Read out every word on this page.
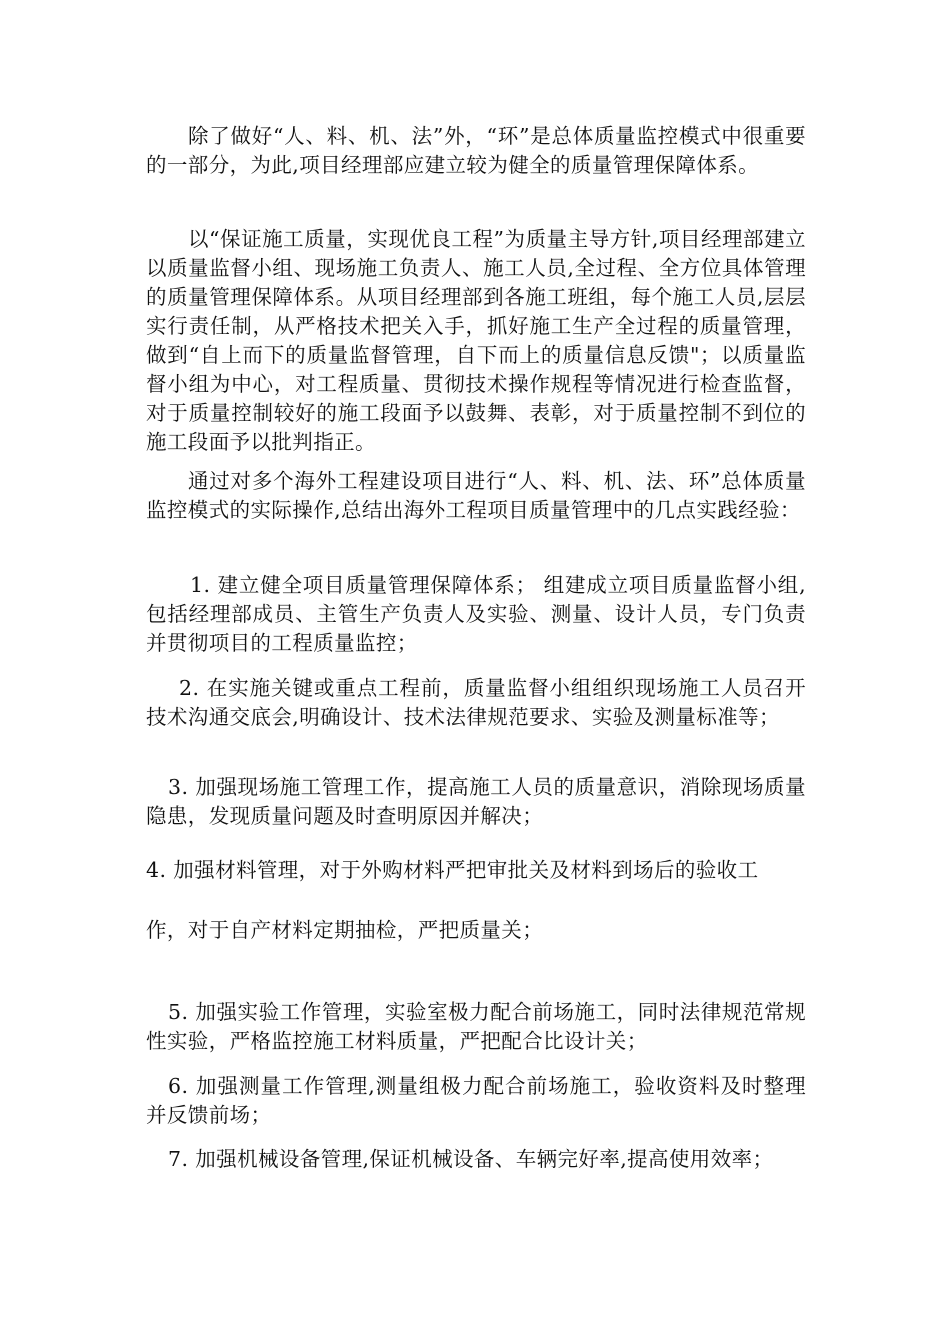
除了做好“人、料、机、法”外，“环”是总体质量监控模式中很重要的一部分，为此,项目经理部应建立较为健全的质量管理保障体系。

以“保证施工质量，实现优良工程”为质量主导方针,项目经理部建立以质量监督小组、现场施工负责人、施工人员,全过程、全方位具体管理的质量管理保障体系。从项目经理部到各施工班组，每个施工人员,层层实行责任制，从严格技术把关入手，抓好施工生产全过程的质量管理，做到“自上而下的质量监督管理，自下而上的质量信息反馈"；以质量监督小组为中心，对工程质量、贯彻技术操作规程等情况进行检查监督，对于质量控制较好的施工段面予以鼓舞、表彰，对于质量控制不到位的施工段面予以批判指正。

通过对多个海外工程建设项目进行“人、料、机、法、环”总体质量监控模式的实际操作,总结出海外工程项目质量管理中的几点实践经验：

1. 建立健全项目质量管理保障体系； 组建成立项目质量监督小组,包括经理部成员、主管生产负责人及实验、测量、设计人员，专门负责并贯彻项目的工程质量监控；

2. 在实施关键或重点工程前，质量监督小组组织现场施工人员召开技术沟通交底会,明确设计、技术法律规范要求、实验及测量标准等；

3. 加强现场施工管理工作，提高施工人员的质量意识，消除现场质量隐患，发现质量问题及时查明原因并解决；

4. 加强材料管理，对于外购材料严把审批关及材料到场后的验收工

作，对于自产材料定期抽检，严把质量关；

5. 加强实验工作管理，实验室极力配合前场施工，同时法律规范常规性实验，严格监控施工材料质量，严把配合比设计关；

6. 加强测量工作管理,测量组极力配合前场施工，验收资料及时整理并反馈前场；

7. 加强机械设备管理,保证机械设备、车辆完好率,提高使用效率；
